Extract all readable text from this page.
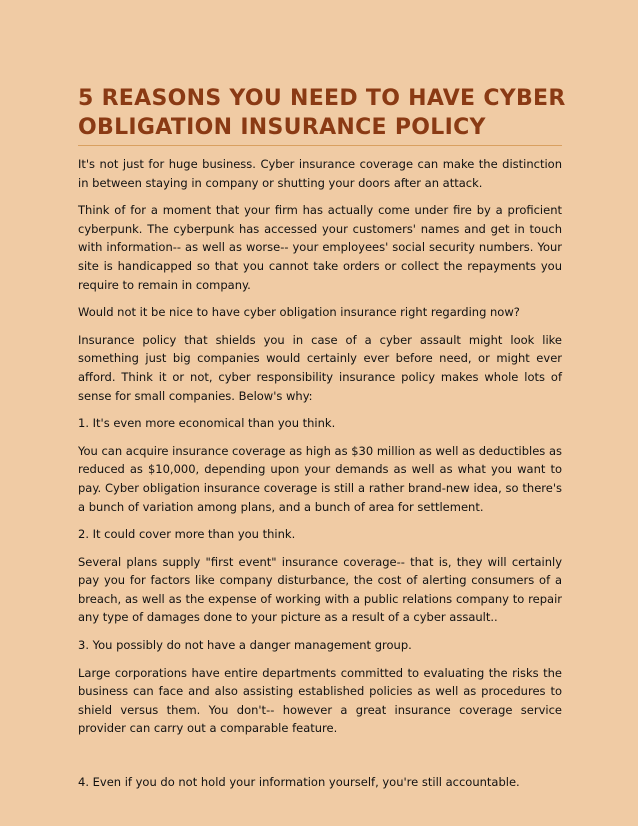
5 REASONS YOU NEED TO HAVE CYBER OBLIGATION INSURANCE POLICY

It's not just for huge business. Cyber insurance coverage can make the distinction in between staying in company or shutting your doors after an attack.

Think of for a moment that your firm has actually come under fire by a proficient cyberpunk. The cyberpunk has accessed your customers' names and get in touch with information-- as well as worse-- your employees' social security numbers. Your site is handicapped so that you cannot take orders or collect the repayments you require to remain in company.

Would not it be nice to have cyber obligation insurance right regarding now?

Insurance policy that shields you in case of a cyber assault might look like something just big companies would certainly ever before need, or might ever afford. Think it or not, cyber responsibility insurance policy makes whole lots of sense for small companies. Below's why:

1. It's even more economical than you think.

You can acquire insurance coverage as high as $30 million as well as deductibles as reduced as $10,000, depending upon your demands as well as what you want to pay. Cyber obligation insurance coverage is still a rather brand-new idea, so there's a bunch of variation among plans, and a bunch of area for settlement.

2. It could cover more than you think.

Several plans supply "first event" insurance coverage-- that is, they will certainly pay you for factors like company disturbance, the cost of alerting consumers of a breach, as well as the expense of working with a public relations company to repair any type of damages done to your picture as a result of a cyber assault..

3. You possibly do not have a danger management group.

Large corporations have entire departments committed to evaluating the risks the business can face and also assisting established policies as well as procedures to shield versus them. You don't-- however a great insurance coverage service provider can carry out a comparable feature.

4. Even if you do not hold your information yourself, you're still accountable.
